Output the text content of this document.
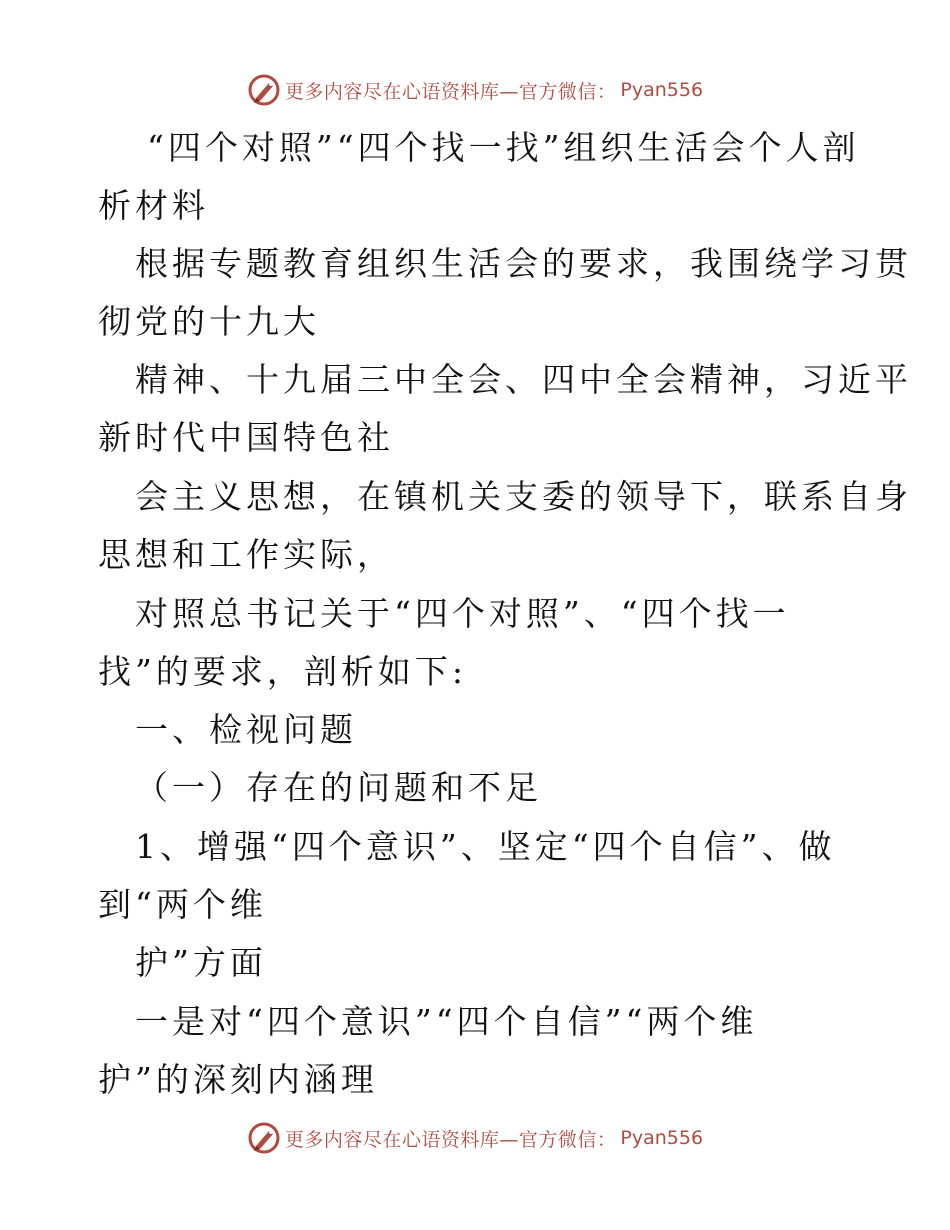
更多内容尽在心语资料库—官方微信： Pyan556
“四个对照”“四个找一找”组织生活会个人剖
析材料
根据专题教育组织生活会的要求，我围绕学习贯
彻党的十九大
精神、十九届三中全会、四中全会精神，习近平
新时代中国特色社
会主义思想，在镇机关支委的领导下，联系自身
思想和工作实际，
对照总书记关于“四个对照”、“四个找一
找”的要求，剖析如下:
一、检视问题
（一）存在的问题和不足
1、增强“四个意识”、坚定“四个自信”、做
到“两个维
护”方面
一是对“四个意识”“四个自信”“两个维
护”的深刻内涵理
更多内容尽在心语资料库—官方微信： Pyan556
